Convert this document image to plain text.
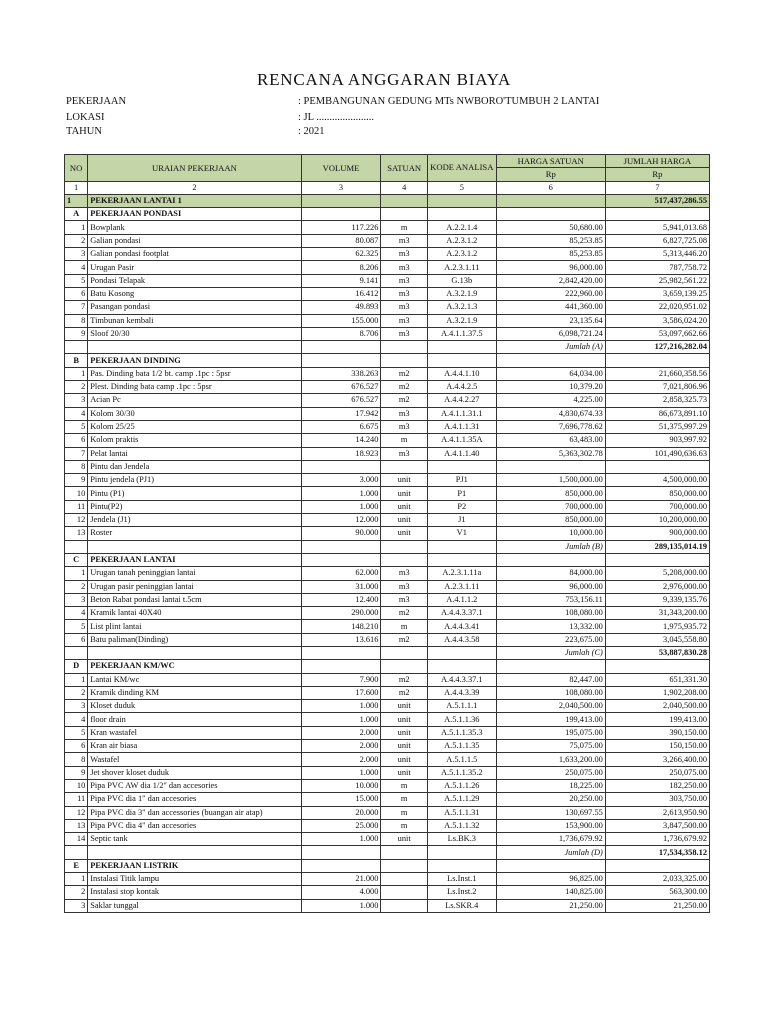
RENCANA ANGGARAN BIAYA
PEKERJAAN	: PEMBANGUNAN GEDUNG MTs NWBORO'TUMBUH 2 LANTAI
LOKASI	: JL ......................
TAHUN	: 2021
NO	URAIAN PEKERJAAN	VOLUME	SATUAN	KODE ANALISA	HARGA SATUAN	JUMLAH HARGA
					Rp	Rp
1	2	3	4	5	6	7
1	PEKERJAAN LANTAI 1					517,437,286.55
A	PEKERJAAN PONDASI					
1	Bowplank	117.226	m	A.2.2.1.4	50,680.00	5,941,013.68
2	Galian pondasi	80.087	m3	A.2.3.1.2	85,253.85	6,827,725.08
3	Galian pondasi footplat	62.325	m3	A.2.3.1.2	85,253.85	5,313,446.20
4	Urugan Pasir	8.206	m3	A.2.3.1.11	96,000.00	787,758.72
5	Pondasi Telapak	9.141	m3	G.13b	2,842,420.00	25,982,561.22
6	Batu Kosong	16.412	m3	A.3.2.1.9	222,960.00	3,659,139.25
7	Pasangan pondasi	49.893	m3	A.3.2.1.3	441,360.00	22,020,951.02
8	Timbunan kembali	155.000	m3	A.3.2.1.9	23,135.64	3,586,024.20
9	Sloof 20/30	8.706	m3	A.4.1.1.37.5	6,098,721.24	53,097,662.66
					Jumlah (A)	127,216,282.04
B	PEKERJAAN DINDING					
1	Pas. Dinding bata 1/2 bt. camp .1pc : 5psr	338.263	m2	A.4.4.1.10	64,034.00	21,660,358.56
2	Plest. Dinding bata camp .1pc : 5psr	676.527	m2	A.4.4.2.5	10,379.20	7,021,806.96
3	Acian Pc	676.527	m2	A.4.4.2.27	4,225.00	2,858,325.73
4	Kolom 30/30	17.942	m3	A.4.1.1.31.1	4,830,674.33	86,673,891.10
5	Kolom 25/25	6.675	m3	A.4.1.1.31	7,696,778.62	51,375,997.29
6	Kolom praktis	14.240	m	A.4.1.1.35A	63,483.00	903,997.92
7	Pelat lantai	18.923	m3	A.4.1.1.40	5,363,302.78	101,490,636.63
8	Pintu dan Jendela					
9	Pintu jendela (PJ1)	3.000	unit	PJ1	1,500,000.00	4,500,000.00
10	Pintu (P1)	1.000	unit	P1	850,000.00	850,000.00
11	Pintu(P2)	1.000	unit	P2	700,000.00	700,000.00
12	Jendela (J1)	12.000	unit	J1	850,000.00	10,200,000.00
13	Roster	90.000	unit	V1	10,000.00	900,000.00
					Jumlah (B)	289,135,014.19
C	PEKERJAAN LANTAI					
1	Urugan tanah peninggian lantai	62.000	m3	A.2.3.1.11a	84,000.00	5,208,000.00
2	Urugan pasir peninggian lantai	31.000	m3	A.2.3.1.11	96,000.00	2,976,000.00
3	Beton Rabat pondasi lantai t.5cm	12.400	m3	A.4.1.1.2	753,156.11	9,339,135.76
4	Kramik lantai 40X40	290.000	m2	A.4.4.3.37.1	108,080.00	31,343,200.00
5	List plint lantai	148.210	m	A.4.4.3.41	13,332.00	1,975,935.72
6	Batu paliman(Dinding)	13.616	m2	A.4.4.3.58	223,675.00	3,045,558.80
					Jumlah (C)	53,887,830.28
D	PEKERJAAN KM/WC					
1	Lantai KM/wc	7.900	m2	A.4.4.3.37.1	82,447.00	651,331.30
2	Kramik dinding KM	17.600	m2	A.4.4.3.39	108,080.00	1,902,208.00
3	Kloset duduk	1.000	unit	A.5.1.1.1	2,040,500.00	2,040,500.00
4	floor drain	1.000	unit	A.5.1.1.36	199,413.00	199,413.00
5	Kran wastafel	2.000	unit	A.5.1.1.35.3	195,075.00	390,150.00
6	Kran air biasa	2.000	unit	A.5.1.1.35	75,075.00	150,150.00
8	Wastafel	2.000	unit	A.5.1.1.5	1,633,200.00	3,266,400.00
9	Jet shover kloset duduk	1.000	unit	A.5.1.1.35.2	250,075.00	250,075.00
10	Pipa PVC AW dia 1/2" dan accesories	10.000	m	A.5.1.1.26	18,225.00	182,250.00
11	Pipa PVC dia 1" dan accesories	15.000	m	A.5.1.1.29	20,250.00	303,750.00
12	Pipa PVC dia 3" dan accessories (buangan air atap)	20.000	m	A.5.1.1.31	130,697.55	2,613,950.90
13	Pipa PVC dia 4" dan accesories	25.000	m	A.5.1.1.32	153,900.00	3,847,500.00
14	Septic tank	1.000	unit	Ls.BK.3	1,736,679.92	1,736,679.92
					Jumlah (D)	17,534,358.12
E	PEKERJAAN LISTRIK					
1	Instalasi Titik lampu	21.000		Ls.Inst.1	96,825.00	2,033,325.00
2	Instalasi stop kontak	4.000		Ls.Inst.2	140,825.00	563,300.00
3	Saklar tunggal	1.000		Ls.SKR.4	21,250.00	21,250.00
